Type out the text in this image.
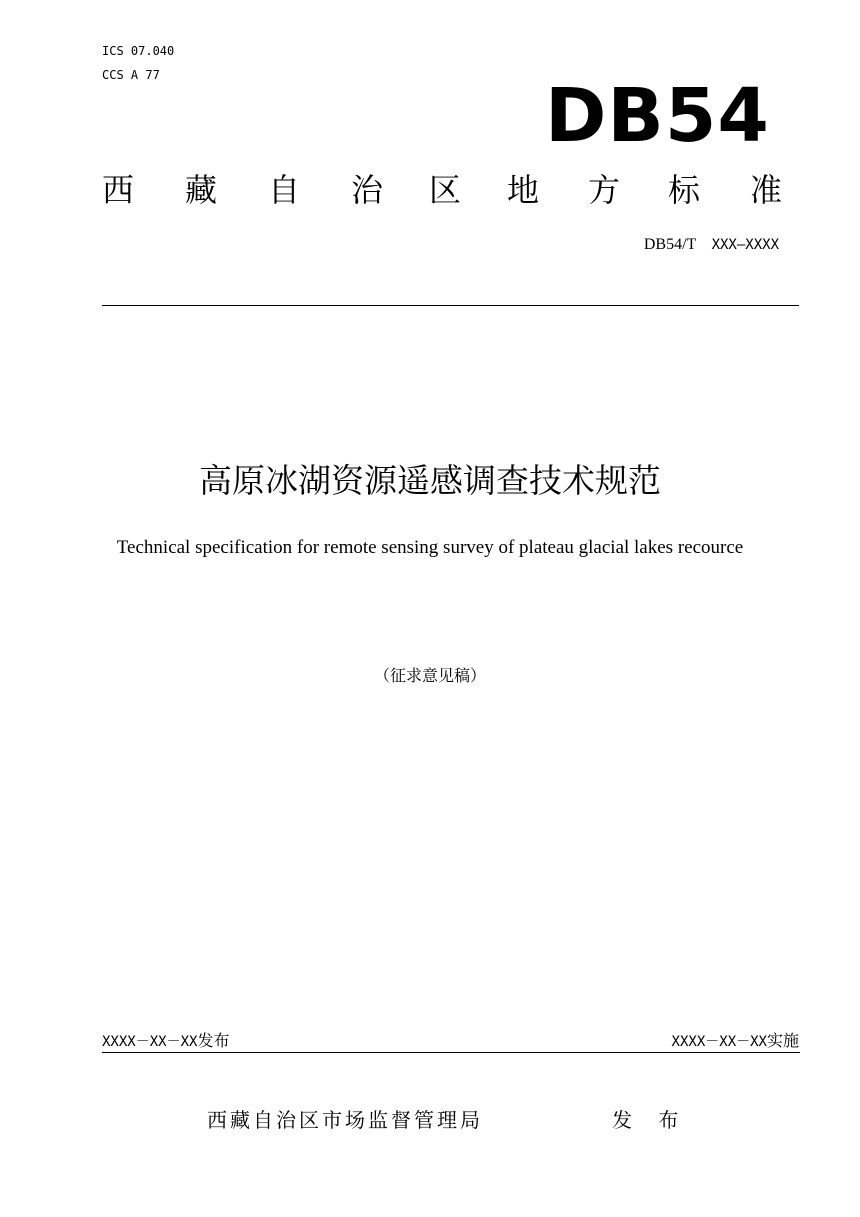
ICS 07.040
CCS A 77	DB54
西 藏 自 治 区 地 方 标 准
DB54/T XXX—XXXX
高原冰湖资源遥感调查技术规范
Technical specification for remote sensing survey of plateau glacial lakes recource
（征求意见稿）
XXXX－XX－XX发布	XXXX－XX－XX实施
西藏自治区市场监督管理局	发 布
